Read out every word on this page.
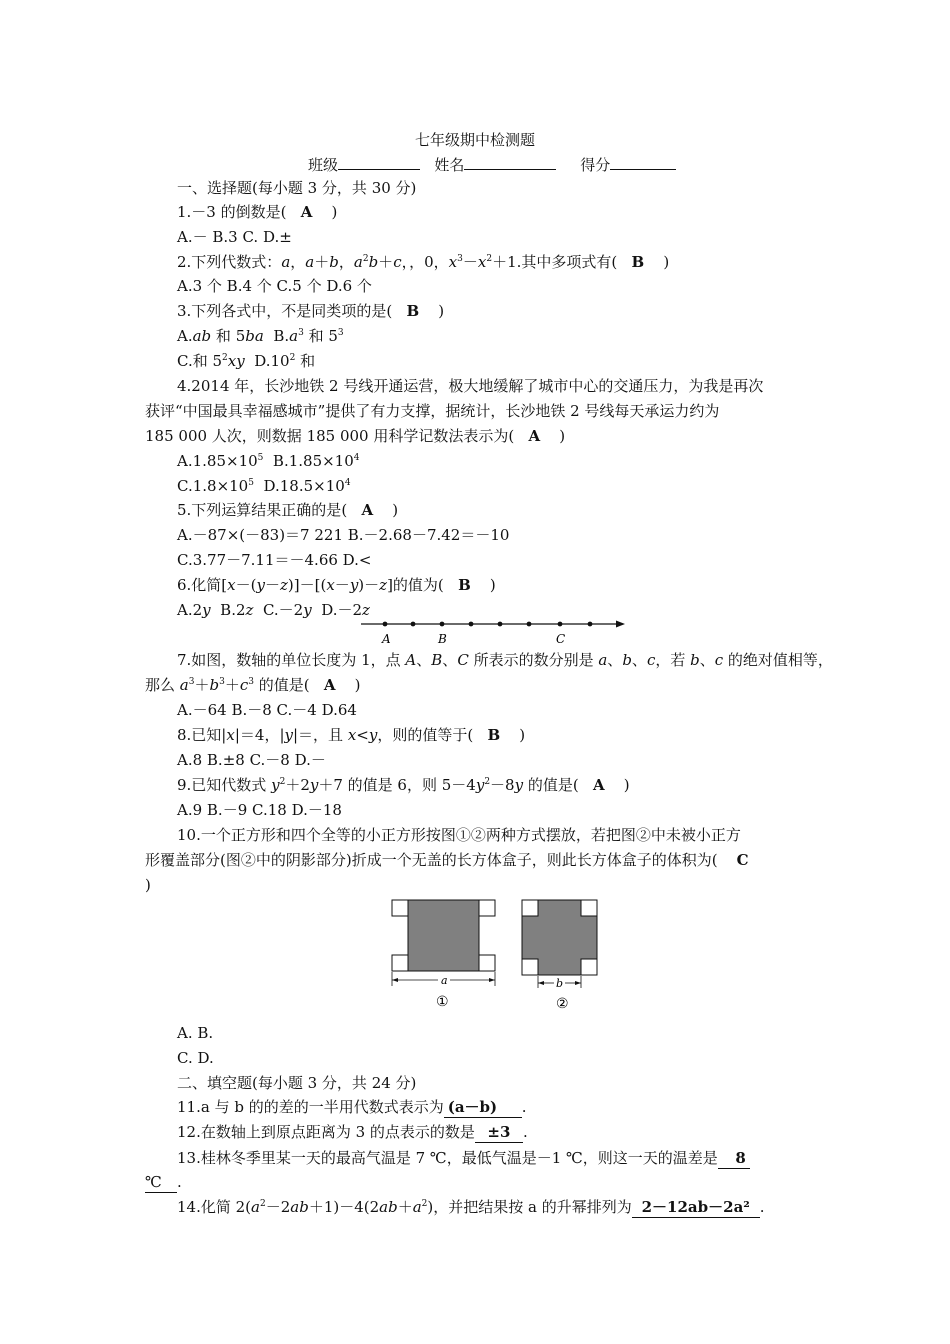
七年级期中检测题
班级	姓名	得分
一、选择题(每小题 3 分，共 30 分)
1.－3 的倒数是( A )
A.－ B.3 C. D.±
2.下列代数式：a，a＋b，$a^2b+c$，，0，$x^3-x^2+1$.其中多项式有( B )
A.3 个 B.4 个 C.5 个 D.6 个
3.下列各式中，不是同类项的是( B )
A.ab 和 5ba  $B.a^3$ 和 $5^3$
C.和 $5^2xy$  $D.10^2$ 和
4.2014 年，长沙地铁 2 号线开通运营，极大地缓解了城市中心的交通压力，为我是再次
获评“中国最具幸福感城市”提供了有力支撑，据统计，长沙地铁 2 号线每天承运力约为
185 000 人次，则数据 185 000 用科学记数法表示为( A )
$A.1.85\times 10^5$  $B.1.85\times 10^4$
$C.1.8\times 10^5$  $D.18.5\times 10^4$
5.下列运算结果正确的是( A )
A.－87×(－83)＝7 221 B.－2.68－7.42＝－10
C.3.77－7.11＝－4.66 D.<
6.化简[x－(y－z)]－[(x－y)－z]的值为(   B )
A.2y  B.2z  C.－2y  D.－2z
A	B	C
7.如图，数轴的单位长度为 1，点 A、B、C 所表示的数分别是 a、b、c，若 b、c 的绝对值相等，
那么 $a^3+b^3+c^3$ 的值是(   A )
A.－64 B.－8 C.－4 D.64
8.已知|x|＝4，|y|＝，且 x<y，则的值等于(   B )
A.8 B.±8 C.－8 D.－
9.已知代数式 $y^2+2y+7$ 的值是 6，则 $5-4y^2-8y$ 的值是(   A )
A.9 B.－9 C.18 D.－18
10.一个正方形和四个全等的小正方形按图①②两种方式摆放，若把图②中未被小正方
形覆盖部分(图②中的阴影部分)折成一个无盖的长方体盒子，则此长方体盒子的体积为( C
)
a
①
b
②
A. B.
C. D.
二、填空题(每小题 3 分，共 24 分)
11.a 与 b 的的差的一半用代数式表示为 (a－b) .
12.在数轴上到原点距离为 3 的点表示的数是 ±3 .
13.桂林冬季里某一天的最高气温是 7 ℃，最低气温是－1 ℃，则这一天的温差是 8
℃ .
14.化简 $2(a^2-2ab+1)-4(2ab+a^2)$，并把结果按 a 的升幂排列为 2－12ab－2a² .
